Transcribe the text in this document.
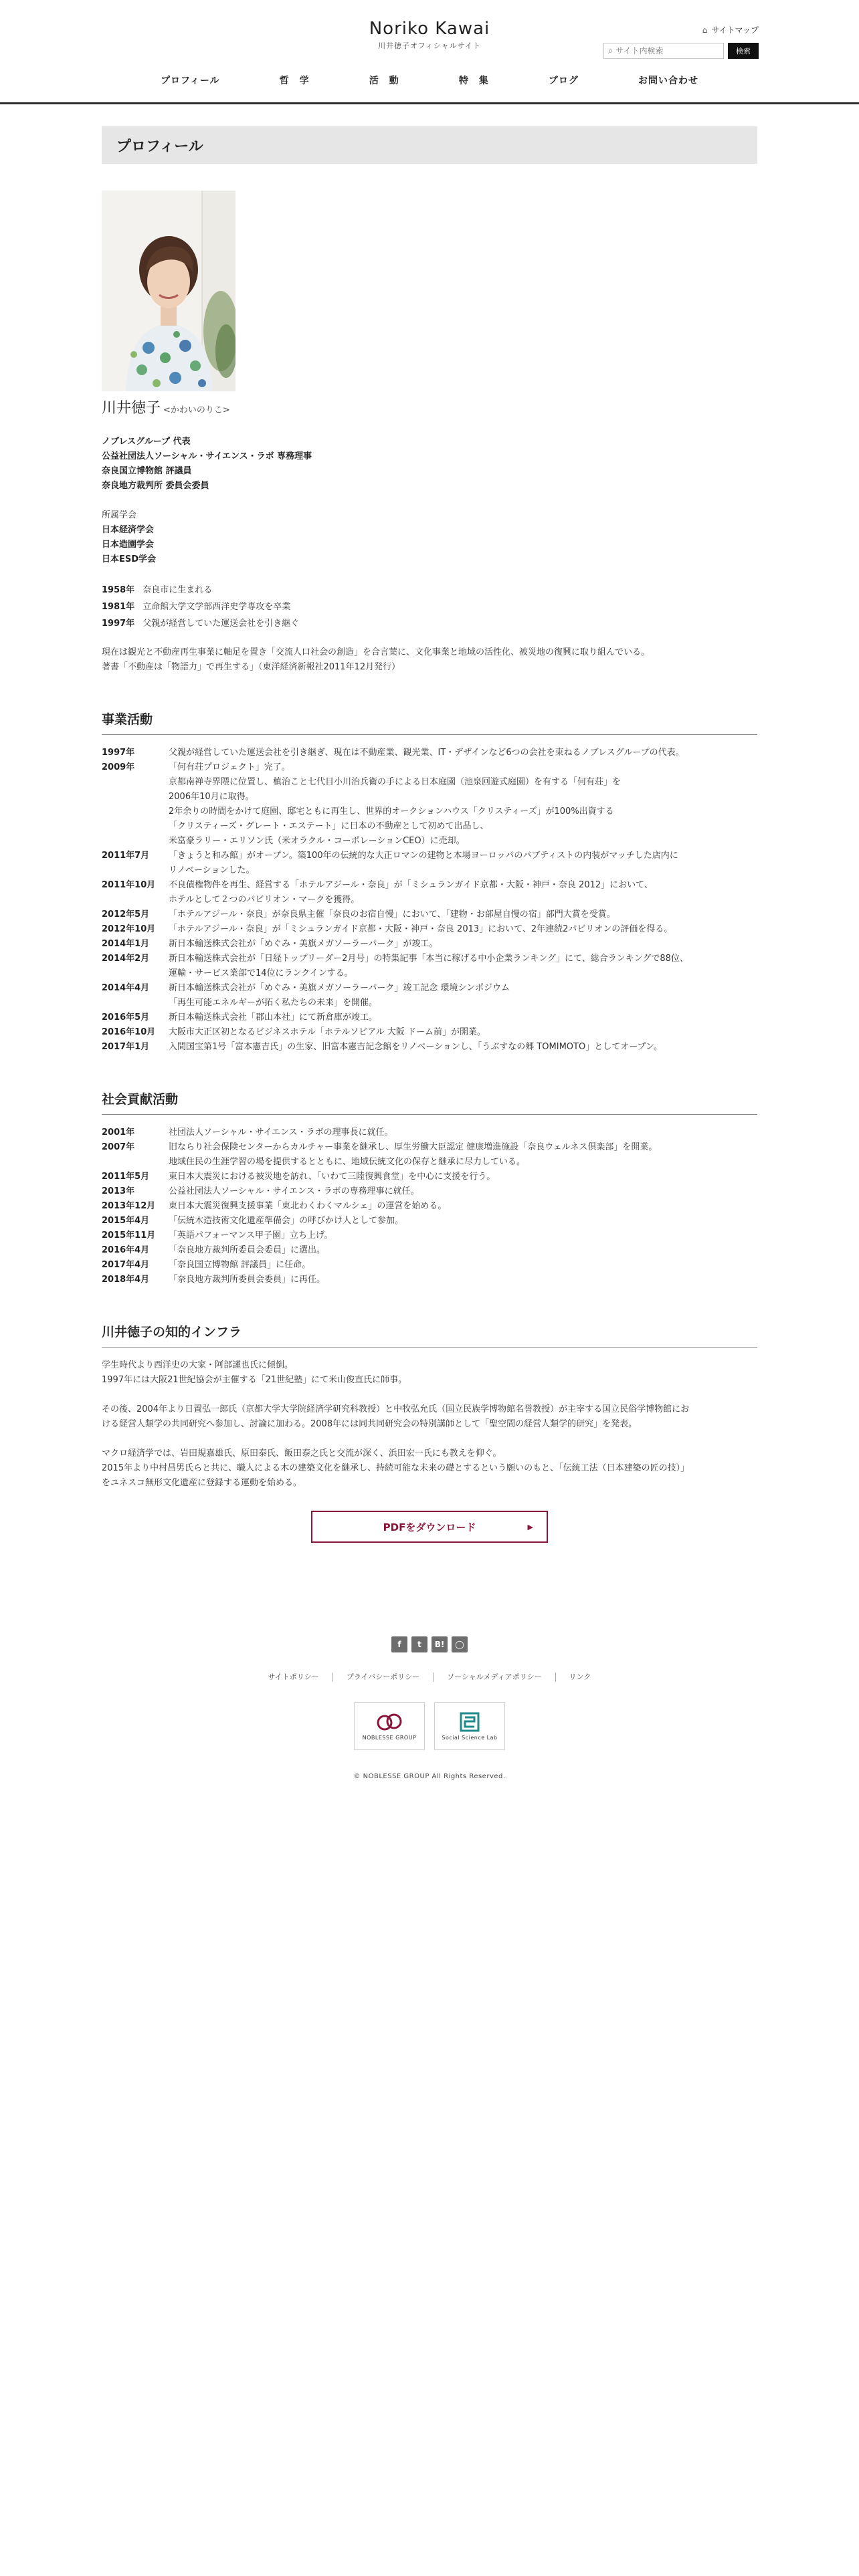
Noriko Kawai
川井徳子オフィシャルサイト
⌂ サイトマップ
⌕
サイト内検索	検索
プロフィール	哲　学	活　動	特　集	ブログ	お問い合わせ
プロフィール
川井徳子 <かわいのりこ>
ノブレスグループ 代表
公益社団法人ソーシャル・サイエンス・ラボ 専務理事
奈良国立博物館 評議員
奈良地方裁判所 委員会委員
所属学会
日本経済学会
日本造園学会
日本ESD学会
1958年 奈良市に生まれる
1981年 立命館大学文学部西洋史学専攻を卒業
1997年 父親が経営していた運送会社を引き継ぐ
現在は観光と不動産再生事業に軸足を置き「交流人口社会の創造」を合言葉に、文化事業と地域の活性化、被災地の復興に取り組んでいる。
著書「不動産は「物語力」で再生する」（東洋経済新報社2011年12月発行）
事業活動
1997年	父親が経営していた運送会社を引き継ぎ、現在は不動産業、観光業、IT・デザインなど6つの会社を束ねるノブレスグループの代表。
2009年	「何有荘プロジェクト」完了。
京都南禅寺界隈に位置し、槙治こと七代目小川治兵衛の手による日本庭園（池泉回遊式庭園）を有する「何有荘」を
2006年10月に取得。
2年余りの時間をかけて庭園、邸宅ともに再生し、世界的オークションハウス「クリスティーズ」が100%出資する
「クリスティーズ・グレート・エステート」に日本の不動産として初めて出品し、
米富豪ラリー・エリソン氏（米オラクル・コーポレーションCEO）に売却。
2011年7月	「きょうと和み館」がオープン。築100年の伝統的な大正ロマンの建物と本場ヨーロッパのバブティストの内装がマッチした店内に
リノベーションした。
2011年10月	不良債権物件を再生、経営する「ホテルアジール・奈良」が「ミシュランガイド京都・大阪・神戸・奈良 2012」において、
ホテルとして２つのパビリオン・マークを獲得。
2012年5月	「ホテルアジール・奈良」が奈良県主催「奈良のお宿自慢」において、「建物・お部屋自慢の宿」部門大賞を受賞。
2012年10月	「ホテルアジール・奈良」が「ミシュランガイド京都・大阪・神戸・奈良 2013」において、2年連続2パビリオンの評価を得る。
2014年1月	新日本輸送株式会社が「めぐみ・美旗メガソーラーパーク」が竣工。
2014年2月	新日本輸送株式会社が「日経トップリーダー2月号」の特集記事「本当に稼げる中小企業ランキング」にて、総合ランキングで88位、
運輸・サービス業部で14位にランクインする。
2014年4月	新日本輸送株式会社が「めぐみ・美旗メガソーラーパーク」竣工記念 環境シンポジウム
「再生可能エネルギーが拓く私たちの未来」を開催。
2016年5月	新日本輸送株式会社「郡山本社」にて新倉庫が竣工。
2016年10月	大阪市大正区初となるビジネスホテル「ホテルソビアル 大阪 ドーム前」が開業。
2017年1月	入間国宝第1号「富本憲吉氏」の生家、旧富本憲吉記念館をリノベーションし、「うぶすなの郷 TOMIMOTO」としてオープン。
社会貢献活動
2001年	社団法人ソーシャル・サイエンス・ラボの理事長に就任。
2007年	旧ならり社会保険センターからカルチャー事業を継承し、厚生労働大臣認定 健康増進施設「奈良ウェルネス倶楽部」を開業。
地域住民の生涯学習の場を提供するとともに、地域伝統文化の保存と継承に尽力している。
2011年5月	東日本大震災における被災地を訪れ、「いわて三陸復興食堂」を中心に支援を行う。
2013年	公益社団法人ソーシャル・サイエンス・ラボの専務理事に就任。
2013年12月	東日本大震災復興支援事業「東北わくわくマルシェ」の運営を始める。
2015年4月	「伝統木造技術文化遺産準備会」の呼びかけ人として参加。
2015年11月	「英語パフォーマンス甲子園」立ち上げ。
2016年4月	「奈良地方裁判所委員会委員」に選出。
2017年4月	「奈良国立博物館 評議員」に任命。
2018年4月	「奈良地方裁判所委員会委員」に再任。
川井徳子の知的インフラ

学生時代より西洋史の大家・阿部謹也氏に傾倒。
1997年には大阪21世紀協会が主催する「21世紀塾」にて米山俊直氏に師事。

その後、2004年より日置弘一郎氏（京都大学大学院経済学研究科教授）と中牧弘允氏（国立民族学博物館名誉教授）が主宰する国立民俗学博物館にお
ける経営人類学の共同研究へ参加し、討論に加わる。2008年には同共同研究会の特別講師として「聖空間の経営人類学的研究」を発表。

マクロ経済学では、岩田規嘉雄氏、原田泰氏、飯田泰之氏と交流が深く、浜田宏一氏にも教えを仰ぐ。
2015年より中村昌男氏らと共に、職人による木の建築文化を継承し、持続可能な未来の礎とするという願いのもと、「伝統工法（日本建築の匠の技）」
をユネスコ無形文化遺産に登録する運動を始める。

PDFをダウンロード	▶
f	t	B!	◯
サイトポリシー	プライバシーポリシー	ソーシャルメディアポリシー	リンク
NOBLESSE GROUP	Social Science Lab
© NOBLESSE GROUP All Rights Reserved.
